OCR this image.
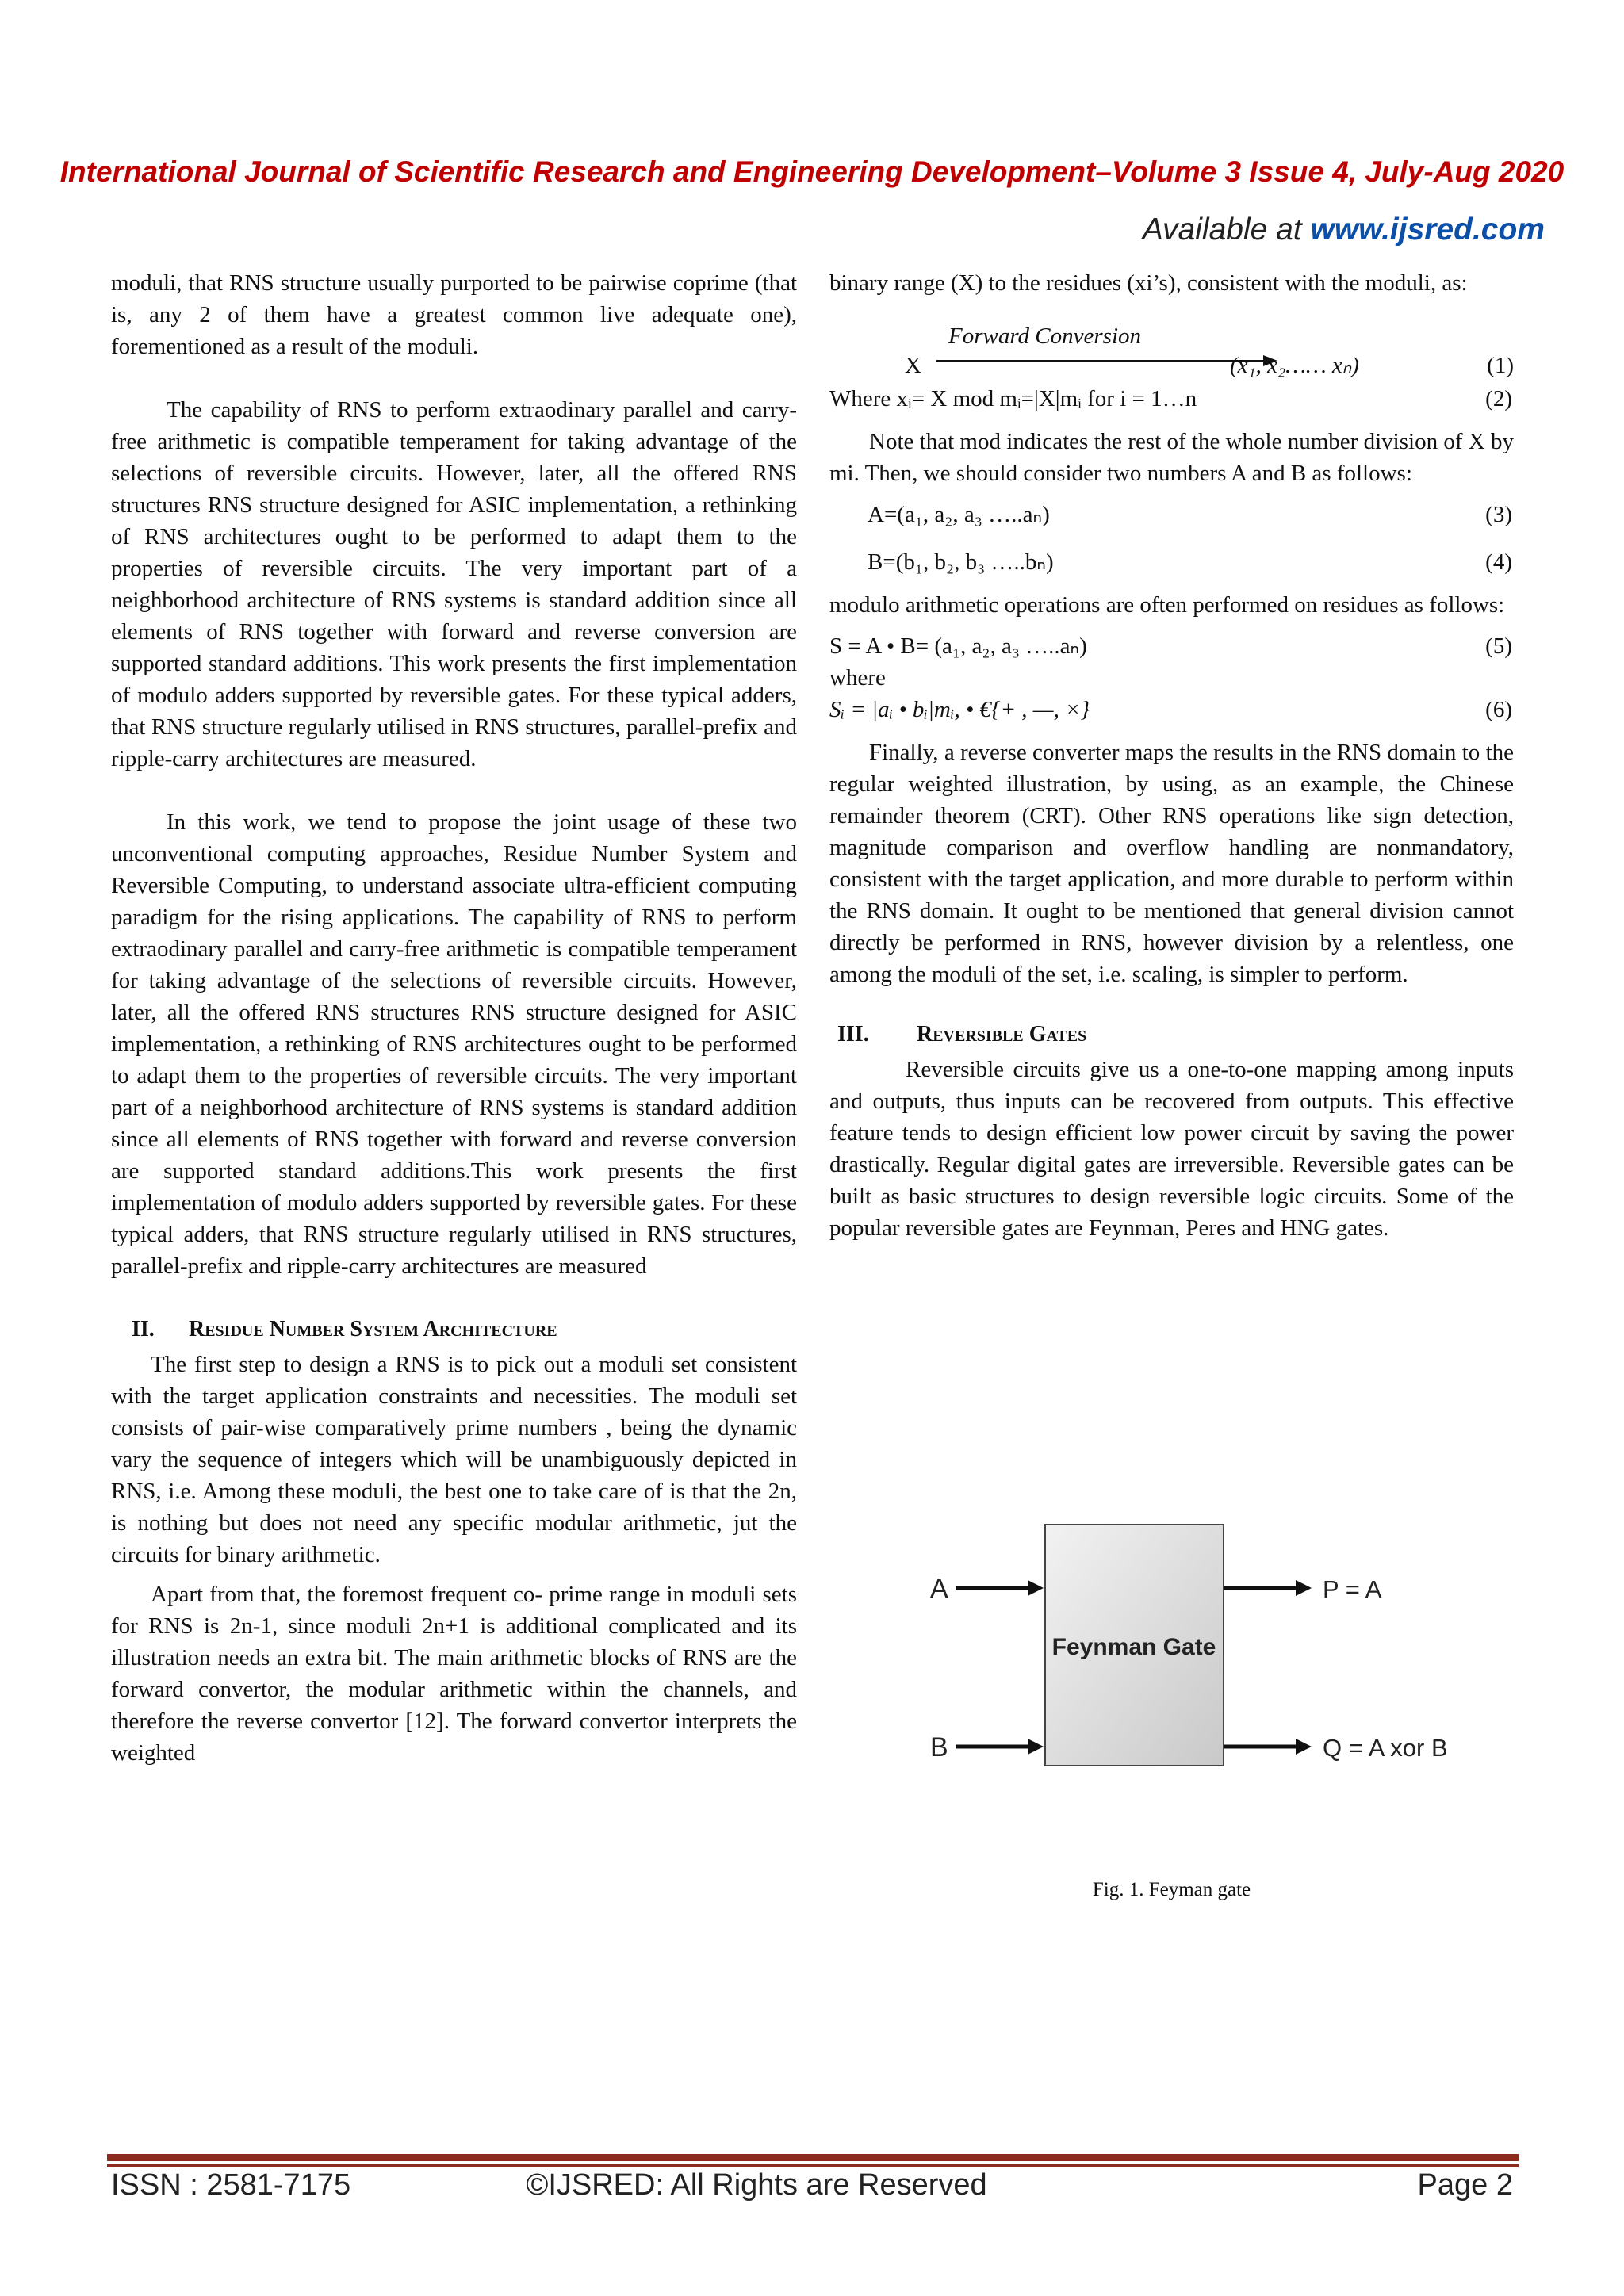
International Journal of Scientific Research and Engineering Development–Volume 3 Issue 4, July-Aug 2020
Available at www.ijsred.com

moduli, that RNS structure usually purported to be pairwise coprime (that is, any 2 of them have a greatest common live adequate one), forementioned as a result of the moduli.

The capability of RNS to perform extraodinary parallel and carry-free arithmetic is compatible temperament for taking advantage of the selections of reversible circuits. However, later, all the offered RNS structures RNS structure designed for ASIC implementation, a rethinking of RNS architectures ought to be performed to adapt them to the properties of reversible circuits. The very important part of a neighborhood architecture of RNS systems is standard addition since all elements of RNS together with forward and reverse conversion are supported standard additions. This work presents the first implementation of modulo adders supported by reversible gates. For these typical adders, that RNS structure regularly utilised in RNS structures, parallel-prefix and ripple-carry architectures are measured.

In this work, we tend to propose the joint usage of these two unconventional computing approaches, Residue Number System and Reversible Computing, to understand associate ultra-efficient computing paradigm for the rising applications. The capability of RNS to perform extraodinary parallel and carry-free arithmetic is compatible temperament for taking advantage of the selections of reversible circuits. However, later, all the offered RNS structures RNS structure designed for ASIC implementation, a rethinking of RNS architectures ought to be performed to adapt them to the properties of reversible circuits. The very important part of a neighborhood architecture of RNS systems is standard addition since all elements of RNS together with forward and reverse conversion are supported standard additions.This work presents the first implementation of modulo adders supported by reversible gates. For these typical adders, that RNS structure regularly utilised in RNS structures, parallel-prefix and ripple-carry architectures are measured

II.	Residue Number System Architecture

The first step to design a RNS is to pick out a moduli set consistent with the target application constraints and necessities. The moduli set consists of pair-wise comparatively prime numbers , being the dynamic vary the sequence of integers which will be unambiguously depicted in RNS, i.e. Among these moduli, the best one to take care of is that the 2n, is nothing but does not need any specific modular arithmetic, jut the circuits for binary arithmetic.

Apart from that, the foremost frequent co- prime range in moduli sets for RNS is 2n-1, since moduli 2n+1 is additional complicated and its illustration needs an extra bit. The main arithmetic blocks of RNS are the forward convertor, the modular arithmetic within the channels, and therefore the reverse convertor [12]. The forward convertor interprets the weighted

binary range (X) to the residues (xi’s), consistent with the moduli, as:

Forward Conversion
X	(x₁, x₂…… xₙ)	(1)
Where xᵢ= X mod mᵢ=|X|mᵢ for i = 1…n	(2)

Note that mod indicates the rest of the whole number division of X by mi. Then, we should consider two numbers A and B as follows:

A=(a₁, a₂, a₃ …..aₙ)	(3)
B=(b₁, b₂, b₃ …..bₙ)	(4)

modulo arithmetic operations are often performed on residues as follows:

S = A • B= (a₁, a₂, a₃ …..aₙ)	(5)

where

Sᵢ = |aᵢ • bᵢ|mᵢ, • €{+ , —, ×}	(6)

Finally, a reverse converter maps the results in the RNS domain to the regular weighted illustration, by using, as an example, the Chinese remainder theorem (CRT). Other RNS operations like sign detection, magnitude comparison and overflow handling are nonmandatory, consistent with the target application, and more durable to perform within the RNS domain. It ought to be mentioned that general division cannot directly be performed in RNS, however division by a relentless, one among the moduli of the set, i.e. scaling, is simpler to perform.

III.	Reversible Gates

Reversible circuits give us a one-to-one mapping among inputs and outputs, thus inputs can be recovered from outputs. This effective feature tends to design efficient low power circuit by saving the power drastically. Regular digital gates are irreversible. Reversible gates can be built as basic structures to design reversible logic circuits. Some of the popular reversible gates are Feynman, Peres and HNG gates.

A
B
Feynman Gate
P = A
Q = A xor B
Fig. 1. Feyman gate
ISSN : 2581-7175	©IJSRED: All Rights are Reserved	Page 2
